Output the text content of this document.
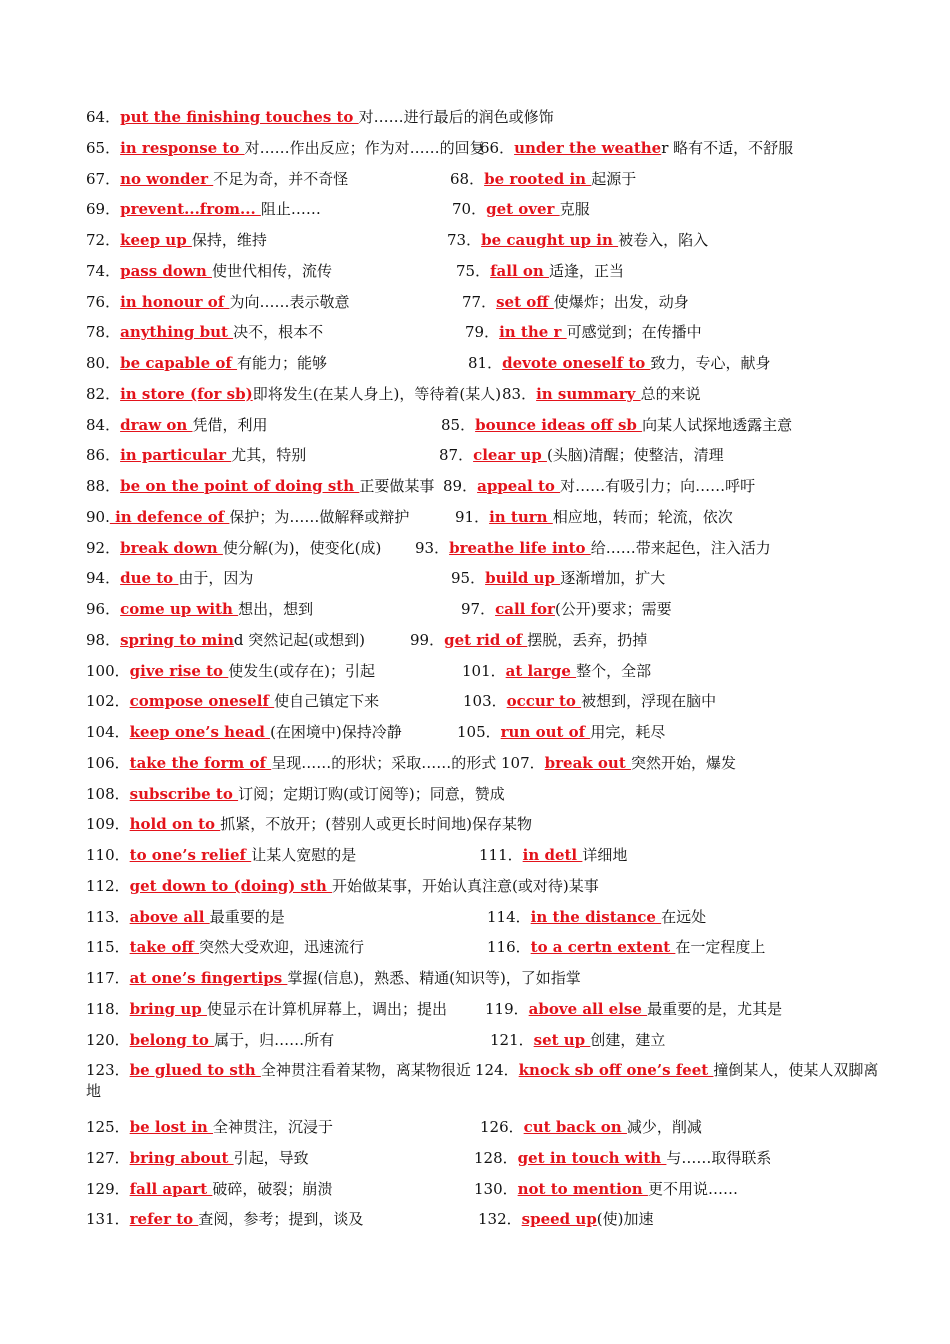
64．put the finishing touches to 对……进行最后的润色或修饰
65．in response to 对……作出反应；作为对……的回复
66．under the weather 略有不适，不舒服
67．no wonder 不足为奇，并不奇怪	68．be rooted in 起源于
69．prevent...from... 阻止……	70．get over 克服
72．keep up 保持，维持	73．be caught up in 被卷入，陷入
74．pass down 使世代相传，流传	75．fall on 适逢，正当
76．in honour of 为向……表示敬意	77．set off 使爆炸；出发，动身
78．anything but 决不，根本不	79．in the r 可感觉到；在传播中
80．be capable of 有能力；能够	81．devote oneself to 致力，专心，献身
82．in store (for sb)即将发生(在某人身上)，等待着(某人) 83．in summary 总的来说
84．draw on 凭借，利用	85．bounce ideas off sb 向某人试探地透露主意
86．in particular 尤其，特别	87．clear up (头脑)清醒；使整洁，清理
88．be on the point of doing sth 正要做某事 89．appeal to 对……有吸引力；向……呼吁
90. in defence of 保护；为……做解释或辩护	91．in turn 相应地，转而；轮流，依次
92．break down 使分解(为)，使变化(成) 93．breathe life into 给……带来起色，注入活力
94．due to 由于，因为	95．build up 逐渐增加，扩大
96．come up with 想出，想到	97．call for(公开)要求；需要
98．spring to mind 突然记起(或想到)	99．get rid of 摆脱，丢弃，扔掉
100．give rise to 使发生(或存在)；引起	101．at large 整个，全部
102．compose oneself 使自己镇定下来	103．occur to 被想到，浮现在脑中
104．keep one’s head (在困境中)保持冷静	105．run out of 用完，耗尽
106．take the form of 呈现……的形状；采取……的形式 107．break out 突然开始，爆发
108．subscribe to 订阅；定期订购(或订阅等)；同意，赞成
109．hold on to 抓紧，不放开；(替别人或更长时间地)保存某物
110．to one’s relief 让某人宽慰的是	111．in detl 详细地
112．get down to (doing) sth 开始做某事，开始认真注意(或对待)某事
113．above all 最重要的是	114．in the distance 在远处
115．take off 突然大受欢迎，迅速流行	116．to a certn extent 在一定程度上
117．at one’s fingertips 掌握(信息)，熟悉、精通(知识等)，了如指掌
118．bring up 使显示在计算机屏幕上，调出；提出	119．above all else 最重要的是，尤其是
120．belong to 属于，归……所有	121．set up 创建，建立
123．be glued to sth 全神贯注看着某物，离某物很近 124．knock sb off one’s feet 撞倒某人，使某人双脚离
地
125．be lost in 全神贯注，沉浸于	126．cut back on 减少，削减
127．bring about 引起，导致	128．get in touch with 与……取得联系
129．fall apart 破碎，破裂；崩溃	130．not to mention 更不用说……
131．refer to 查阅，参考；提到，谈及	132．speed up(使)加速
